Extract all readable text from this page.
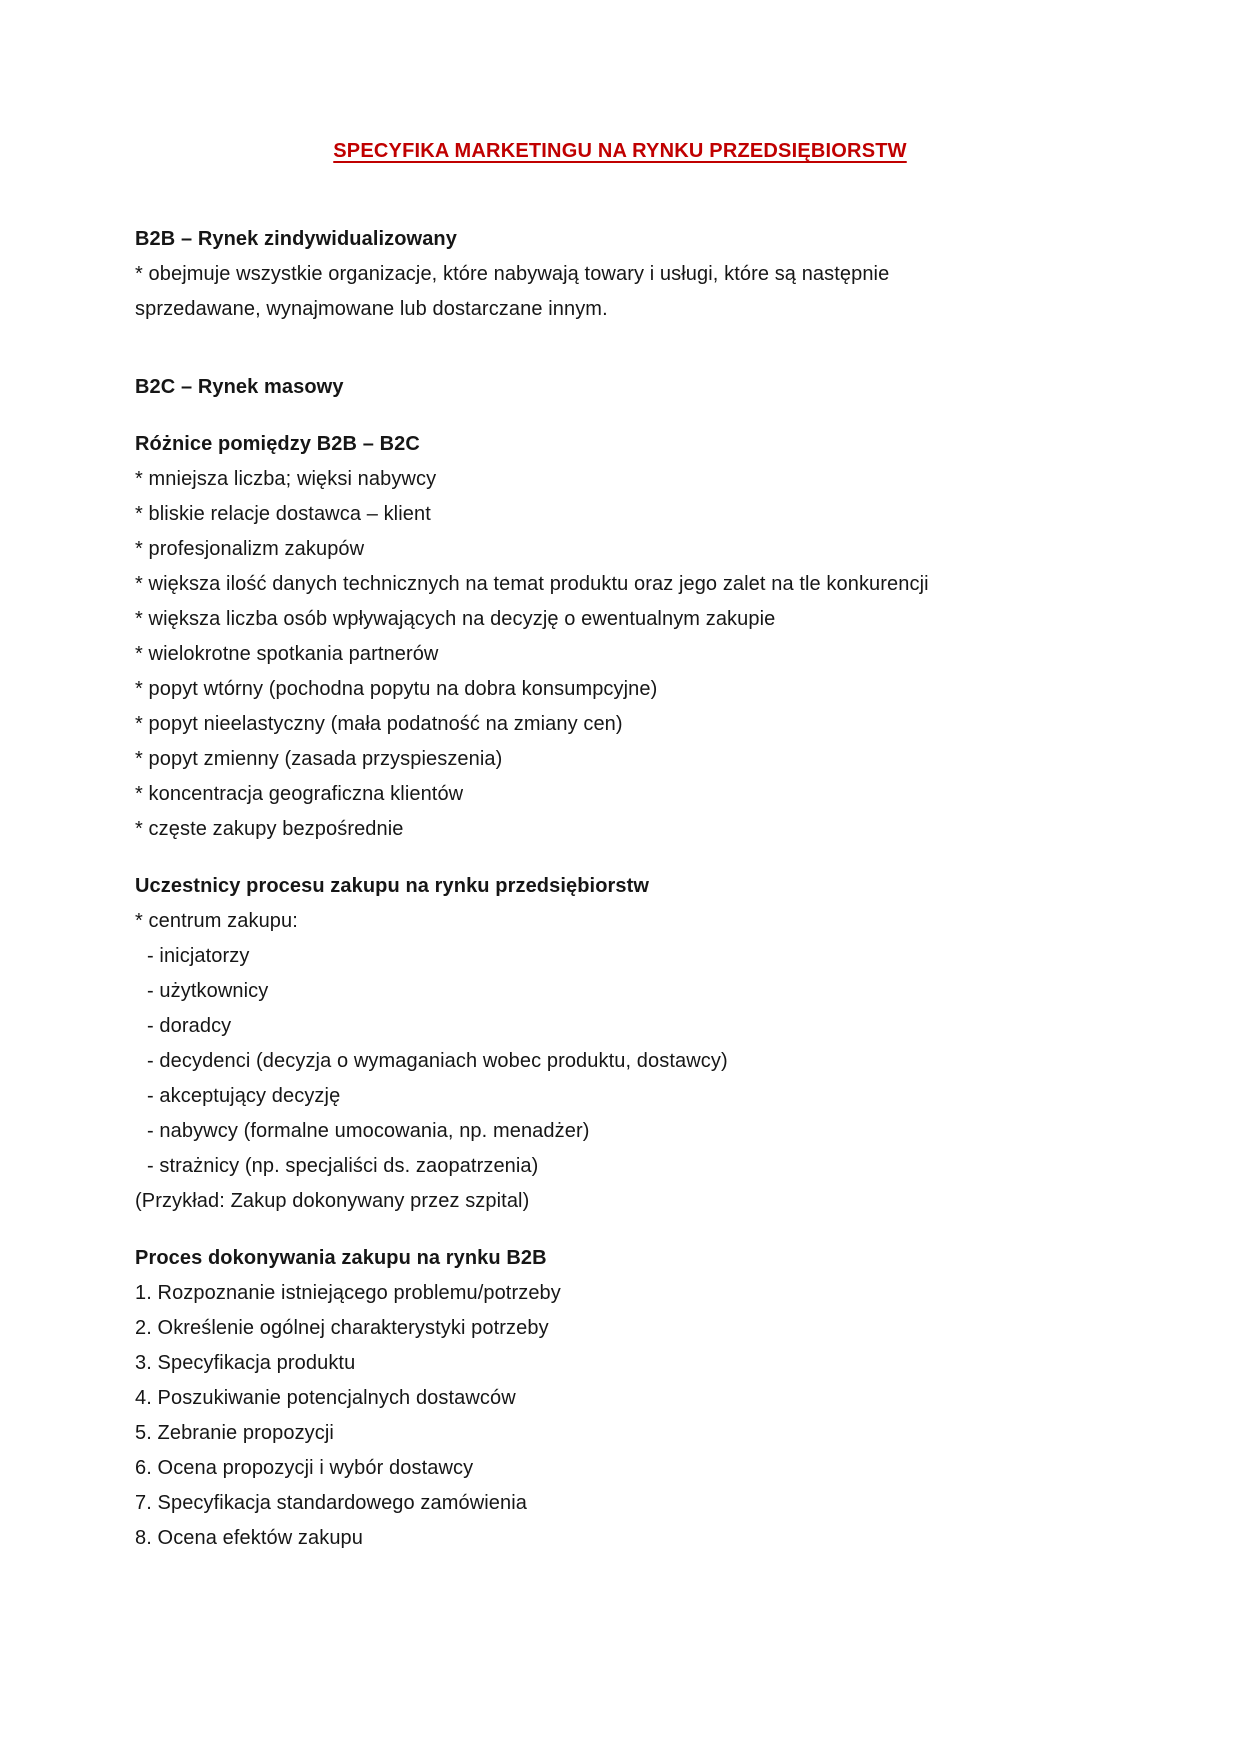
SPECYFIKA MARKETINGU NA RYNKU PRZEDSIĘBIORSTW

B2B – Rynek zindywidualizowany

* obejmuje wszystkie organizacje, które nabywają towary i usługi, które są następnie
sprzedawane, wynajmowane lub dostarczane innym.

B2C – Rynek masowy

Różnice pomiędzy B2B – B2C

* mniejsza liczba; więksi nabywcy

* bliskie relacje dostawca – klient

* profesjonalizm zakupów

* większa ilość danych technicznych na temat produktu oraz jego zalet na tle konkurencji

* większa liczba osób wpływających na decyzję o ewentualnym zakupie

* wielokrotne spotkania partnerów

* popyt wtórny (pochodna popytu na dobra konsumpcyjne)

* popyt nieelastyczny (mała podatność na zmiany cen)

* popyt zmienny (zasada przyspieszenia)

* koncentracja geograficzna klientów

* częste zakupy bezpośrednie

Uczestnicy procesu zakupu na rynku przedsiębiorstw

* centrum zakupu:

- inicjatorzy

- użytkownicy

- doradcy

- decydenci (decyzja o wymaganiach wobec produktu, dostawcy)

- akceptujący decyzję

- nabywcy (formalne umocowania, np. menadżer)

- strażnicy (np. specjaliści ds. zaopatrzenia)

(Przykład: Zakup dokonywany przez szpital)

Proces dokonywania zakupu na rynku B2B

1. Rozpoznanie istniejącego problemu/potrzeby

2. Określenie ogólnej charakterystyki potrzeby

3. Specyfikacja produktu

4. Poszukiwanie potencjalnych dostawców

5. Zebranie propozycji

6. Ocena propozycji i wybór dostawcy

7. Specyfikacja standardowego zamówienia

8. Ocena efektów zakupu
